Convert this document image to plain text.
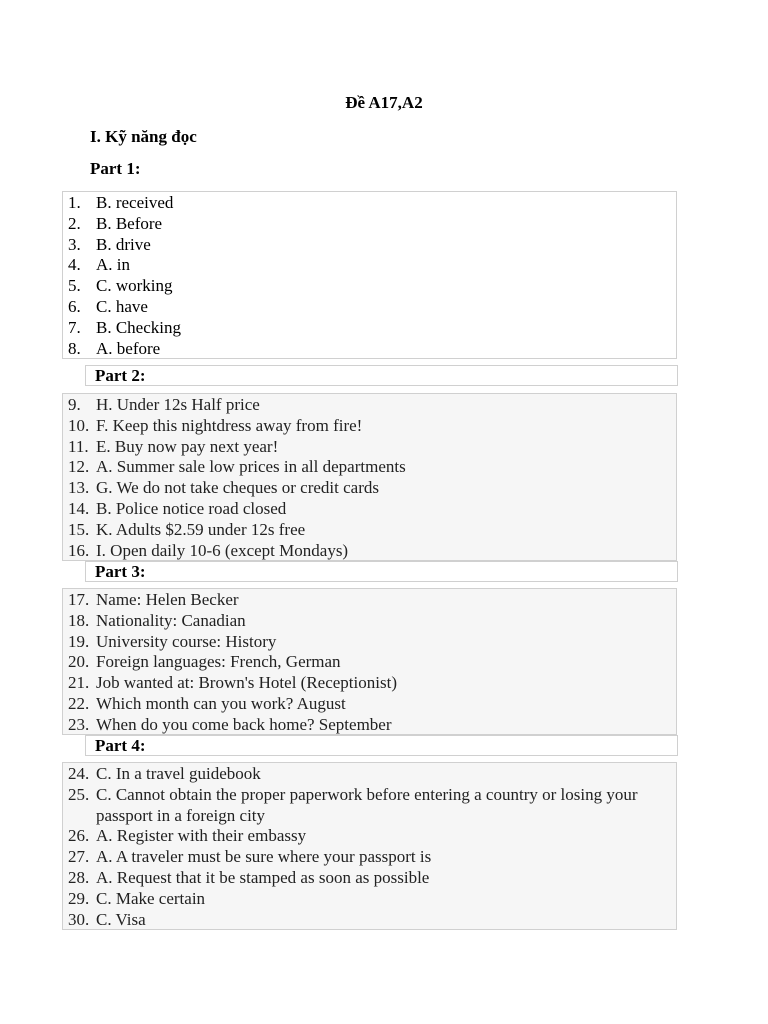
Đề A17,A2
I. Kỹ năng đọc
Part 1:
1. B. received
2. B. Before
3. B. drive
4. A. in
5. C. working
6. C. have
7. B. Checking
8. A. before
Part 2:
9. H. Under 12s Half price
10. F. Keep this nightdress away from fire!
11. E. Buy now pay next year!
12. A. Summer sale low prices in all departments
13. G. We do not take cheques or credit cards
14. B. Police notice road closed
15. K. Adults $2.59 under 12s free
16. I. Open daily 10-6 (except Mondays)
Part 3:
17. Name: Helen Becker
18. Nationality: Canadian
19. University course: History
20. Foreign languages: French, German
21. Job wanted at: Brown's Hotel (Receptionist)
22. Which month can you work? August
23. When do you come back home? September
Part 4:
24. C. In a travel guidebook
25. C. Cannot obtain the proper paperwork before entering a country or losing your passport in a foreign city
26. A. Register with their embassy
27. A. A traveler must be sure where your passport is
28. A. Request that it be stamped as soon as possible
29. C. Make certain
30. C. Visa
